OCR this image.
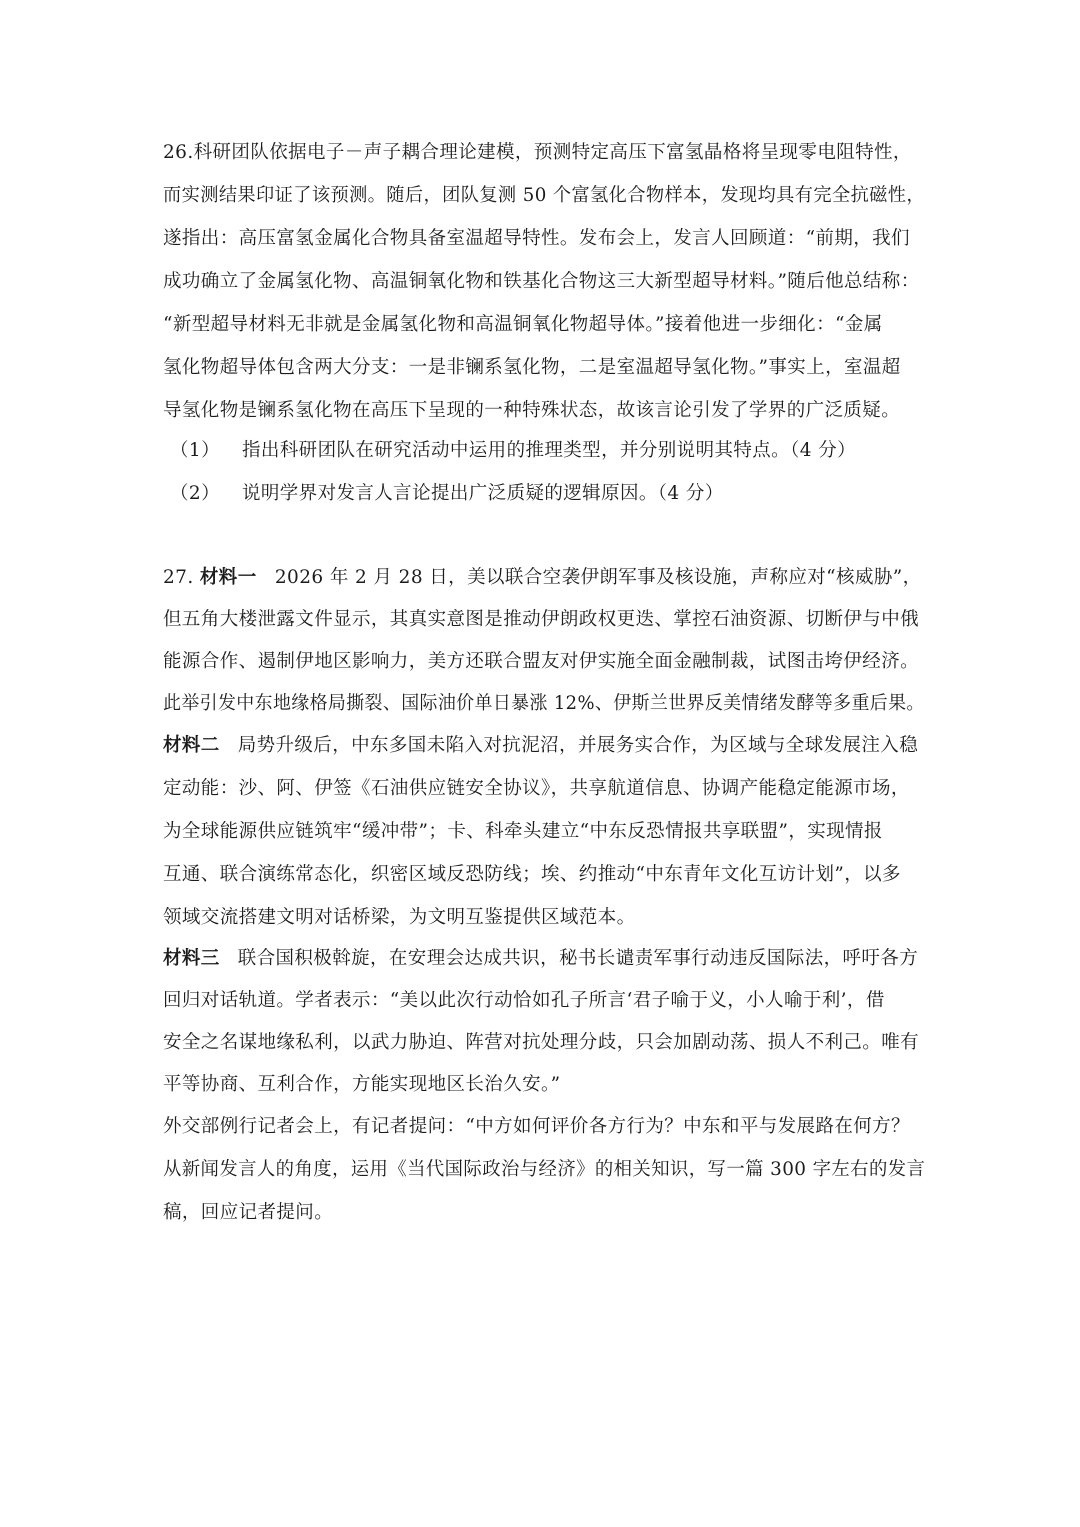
26.科研团队依据电子－声子耦合理论建模，预测特定高压下富氢晶格将呈现零电阻特性，
而实测结果印证了该预测。随后，团队复测 50 个富氢化合物样本，发现均具有完全抗磁性，
遂指出：高压富氢金属化合物具备室温超导特性。发布会上，发言人回顾道：“前期，我们
成功确立了金属氢化物、高温铜氧化物和铁基化合物这三大新型超导材料。”随后他总结称：
“新型超导材料无非就是金属氢化物和高温铜氧化物超导体。”接着他进一步细化：“金属
氢化物超导体包含两大分支：一是非镧系氢化物，二是室温超导氢化物。”事实上，室温超
导氢化物是镧系氢化物在高压下呈现的一种特殊状态，故该言论引发了学界的广泛质疑。
（1） 指出科研团队在研究活动中运用的推理类型，并分别说明其特点。（4 分）
（2） 说明学界对发言人言论提出广泛质疑的逻辑原因。（4 分）
27. 材料一 2026 年 2 月 28 日，美以联合空袭伊朗军事及核设施，声称应对“核威胁”，
但五角大楼泄露文件显示，其真实意图是推动伊朗政权更迭、掌控石油资源、切断伊与中俄
能源合作、遏制伊地区影响力，美方还联合盟友对伊实施全面金融制裁，试图击垮伊经济。
此举引发中东地缘格局撕裂、国际油价单日暴涨 12%、伊斯兰世界反美情绪发酵等多重后果。
材料二 局势升级后，中东多国未陷入对抗泥沼，并展务实合作，为区域与全球发展注入稳
定动能：沙、阿、伊签《石油供应链安全协议》，共享航道信息、协调产能稳定能源市场，
为全球能源供应链筑牢“缓冲带”；卡、科牵头建立“中东反恐情报共享联盟”，实现情报
互通、联合演练常态化，织密区域反恐防线；埃、约推动“中东青年文化互访计划”，以多
领域交流搭建文明对话桥梁，为文明互鉴提供区域范本。
材料三 联合国积极斡旋，在安理会达成共识，秘书长谴责军事行动违反国际法，呼吁各方
回归对话轨道。学者表示：“美以此次行动恰如孔子所言‘君子喻于义，小人喻于利’，借
安全之名谋地缘私利，以武力胁迫、阵营对抗处理分歧，只会加剧动荡、损人不利己。唯有
平等协商、互利合作，方能实现地区长治久安。”
外交部例行记者会上，有记者提问：“中方如何评价各方行为？中东和平与发展路在何方？
从新闻发言人的角度，运用《当代国际政治与经济》的相关知识，写一篇 300 字左右的发言
稿，回应记者提问。
